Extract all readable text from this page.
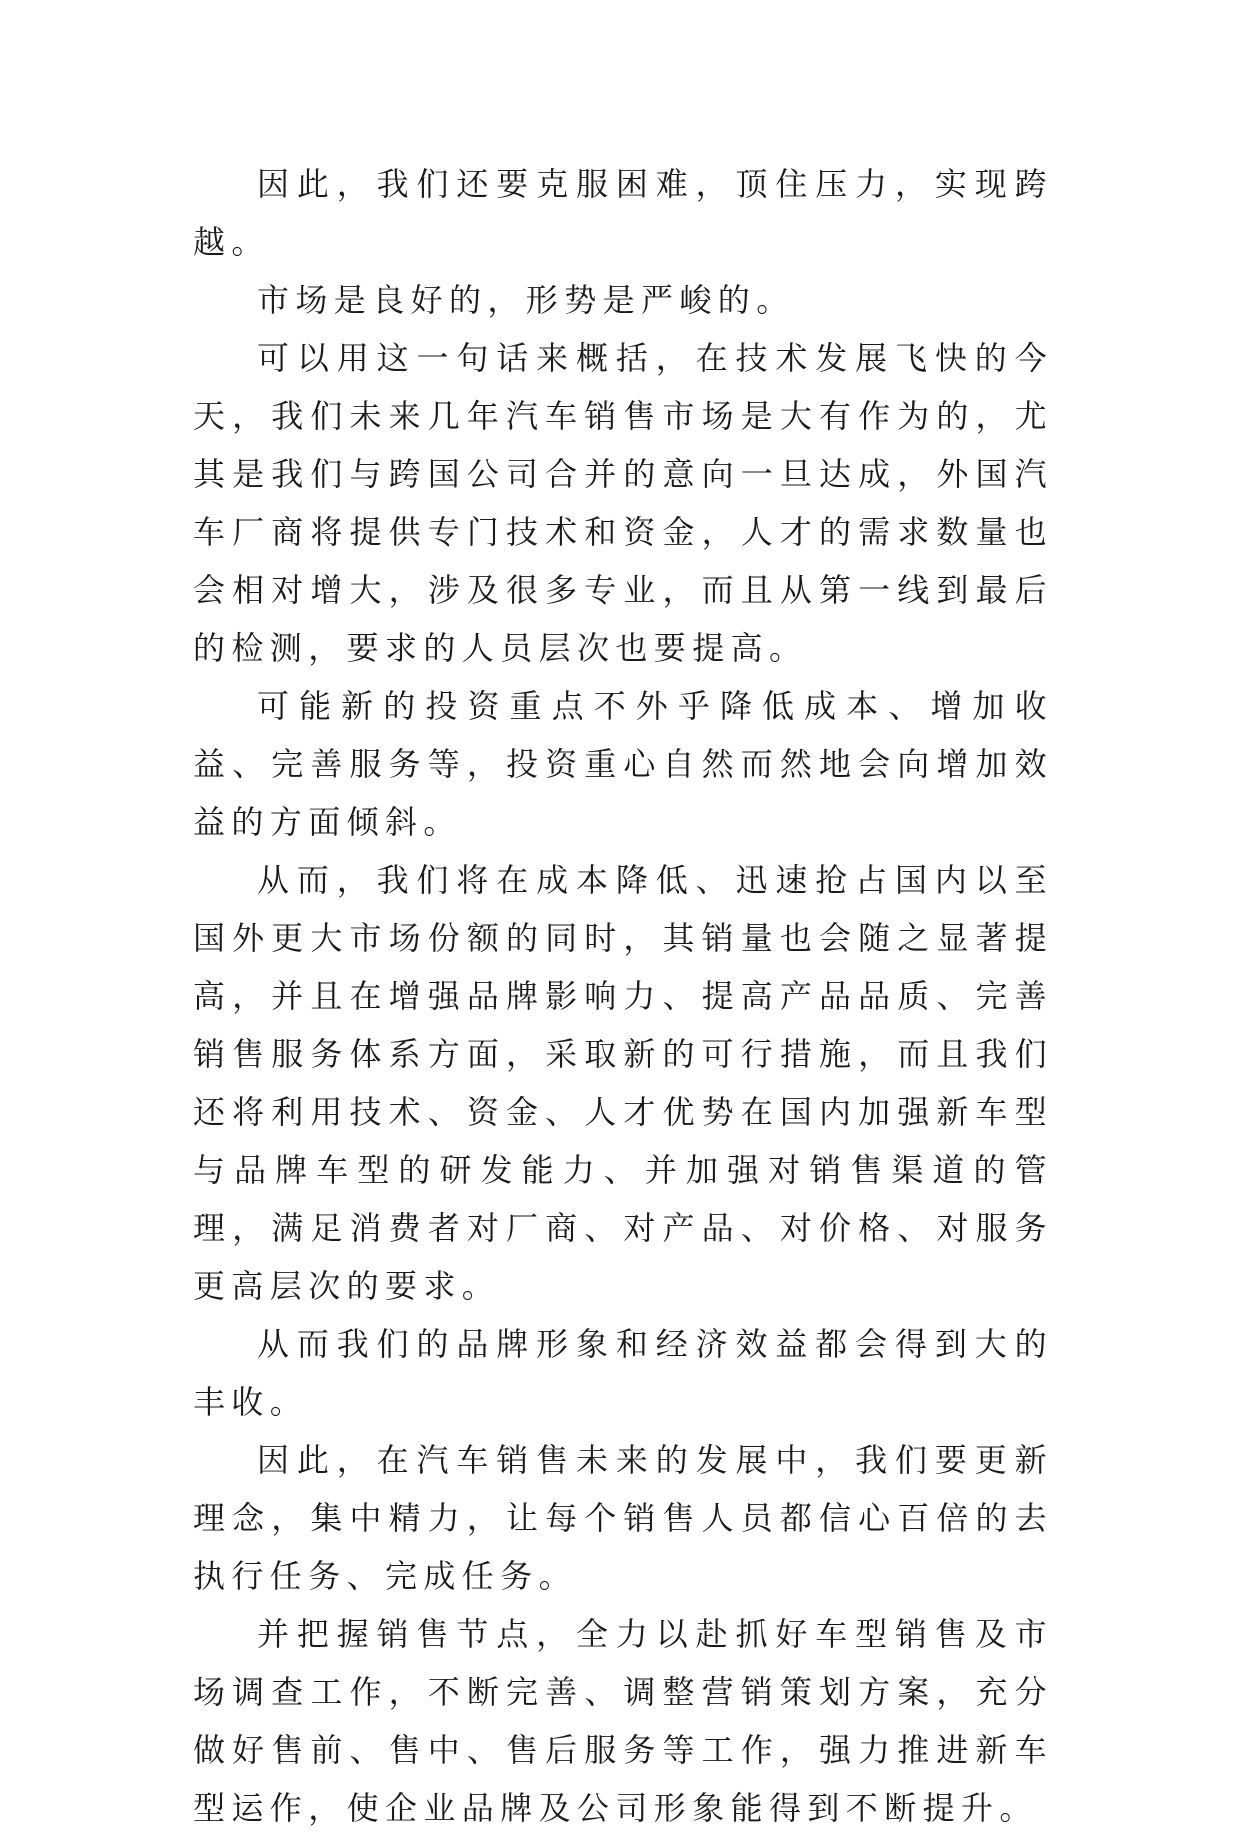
因此，我们还要克服困难，顶住压力，实现跨越。

市场是良好的，形势是严峻的。

可以用这一句话来概括，在技术发展飞快的今天，我们未来几年汽车销售市场是大有作为的，尤其是我们与跨国公司合并的意向一旦达成，外国汽车厂商将提供专门技术和资金，人才的需求数量也会相对增大，涉及很多专业，而且从第一线到最后的检测，要求的人员层次也要提高。

可能新的投资重点不外乎降低成本、增加收益、完善服务等，投资重心自然而然地会向增加效益的方面倾斜。

从而，我们将在成本降低、迅速抢占国内以至国外更大市场份额的同时，其销量也会随之显著提高，并且在增强品牌影响力、提高产品品质、完善销售服务体系方面，采取新的可行措施，而且我们还将利用技术、资金、人才优势在国内加强新车型与品牌车型的研发能力、并加强对销售渠道的管理，满足消费者对厂商、对产品、对价格、对服务更高层次的要求。

从而我们的品牌形象和经济效益都会得到大的丰收。

因此，在汽车销售未来的发展中，我们要更新理念，集中精力，让每个销售人员都信心百倍的去执行任务、完成任务。

并把握销售节点，全力以赴抓好车型销售及市场调查工作，不断完善、调整营销策划方案，充分做好售前、售中、售后服务等工作，强力推进新车型运作，使企业品牌及公司形象能得到不断提升。
